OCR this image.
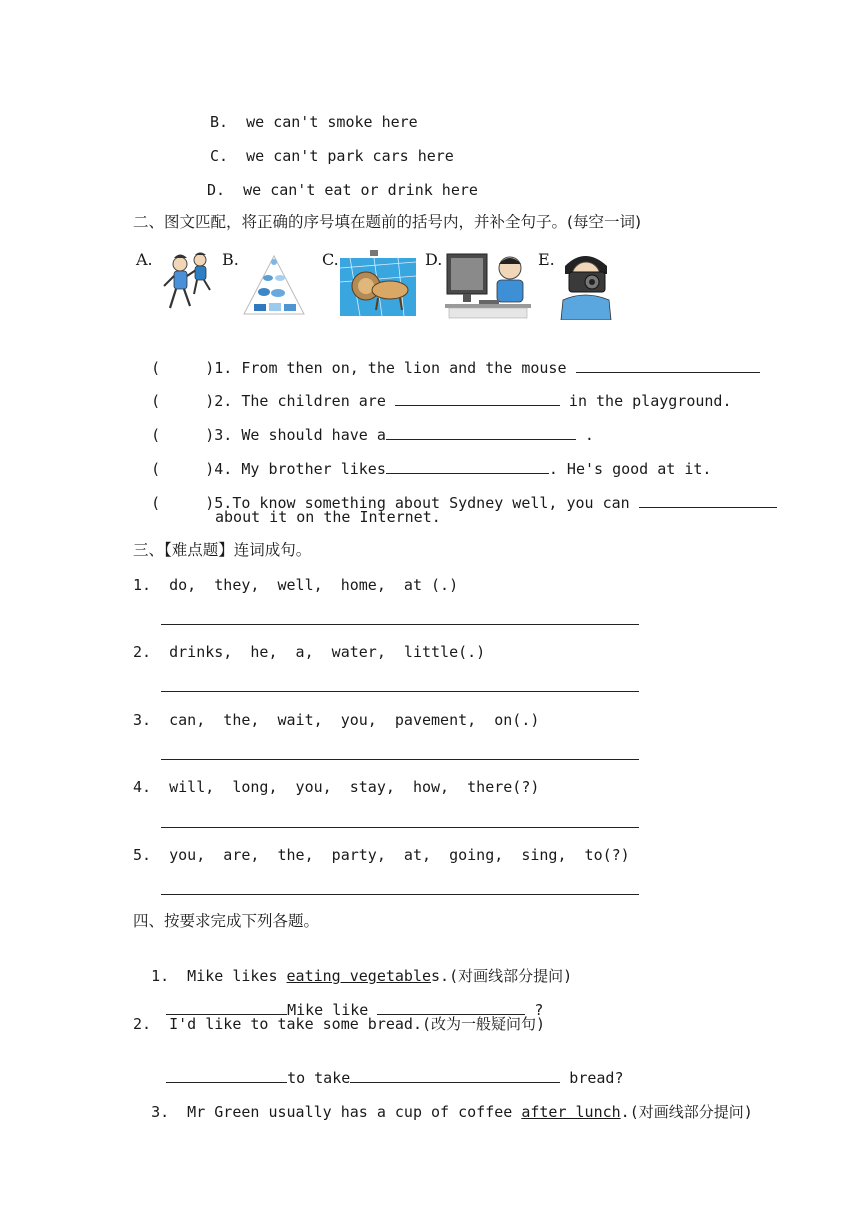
B.  we can't smoke here
C.  we can't park cars here
D.  we can't eat or drink here
二、图文匹配，将正确的序号填在题前的括号内，并补全句子。(每空一词)
A.	B.	C.	D.	E.

(     )1. From then on, the lion and the mouse

(     )2. The children are	in the playground.

(     )3. We should have a	.

(     )4. My brother likes	. He's good at it.

(     )5.To know something about Sydney well, you can

about it on the Internet.
三、【难点题】连词成句。
1.  do,  they,  well,  home,  at (.)
2.  drinks,  he,  a,  water,  little(.)
3.  can,  the,  wait,  you,  pavement,  on(.)
4.  will,  long,  you,  stay,  how,  there(?)
5.  you,  are,  the,  party,  at,  going,  sing,  to(?)
四、按要求完成下列各题。

1.  Mike likes eating vegetables.(对画线部分提问)

Mike like	?

2.  I'd like to take some bread.(改为一般疑问句)

to take	bread?

3.  Mr Green usually has a cup of coffee after lunch.(对画线部分提问)
